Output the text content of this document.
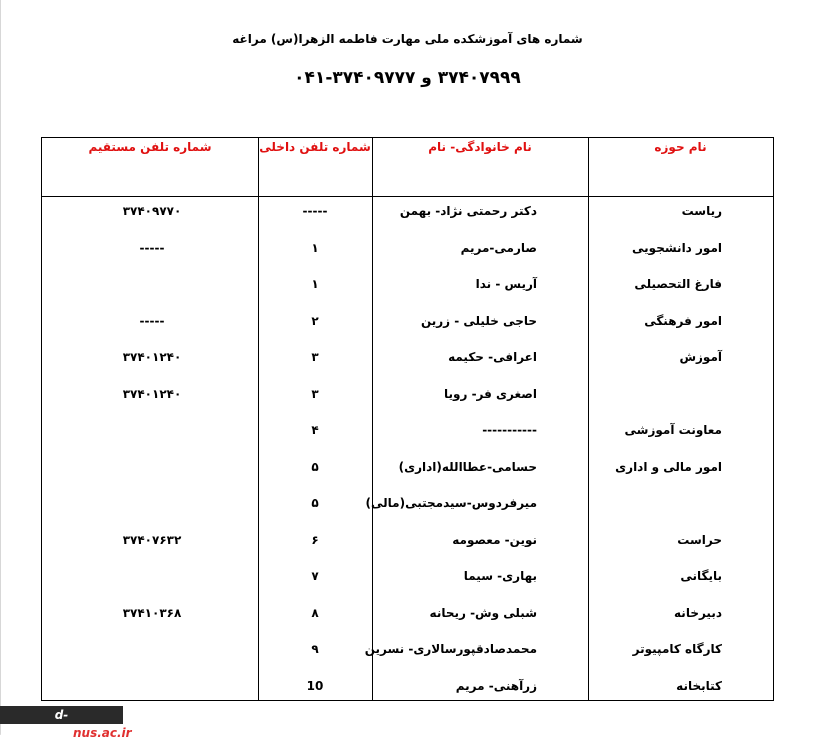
شماره های آموزشکده ملی مهارت فاطمه الزهرا(س) مراغه
۳۷۴۰۷۹۹۹ و ۳۷۴۰۹۷۷۷-۰۴۱
نام حوزه
نام خانوادگی- نام
شماره تلفن داخلی
شماره تلفن مستقیم
ریاست
دکتر رحمتی نژاد- بهمن
-----
۳۷۴۰۹۷۷۰
امور دانشجویی
صارمی-مریم
۱
-----
فارغ التحصیلی
آریس - ندا
۱
امور فرهنگی
حاجی خلیلی - زرین
۲
-----
آموزش
اعرافی- حکیمه
۳
۳۷۴۰۱۲۴۰
اصغری فر- رویا
۳
۳۷۴۰۱۲۴۰
معاونت آموزشی
-----------
۴
امور مالی و اداری
حسامی-عطاالله(اداری)
۵
میرفردوس-سیدمجتبی(مالی)
۵
حراست
نوین- معصومه
۶
۳۷۴۰۷۶۳۲
بایگانی
بهاری- سیما
۷
دبیرخانه
شبلی وش- ریحانه
۸
۳۷۴۱۰۳۶۸
کارگاه کامپیوتر
محمدصادقپورسالاری- نسرین
۹
کتابخانه
زرآهنی- مریم
10
d-maragheh.nus.ac.ir
